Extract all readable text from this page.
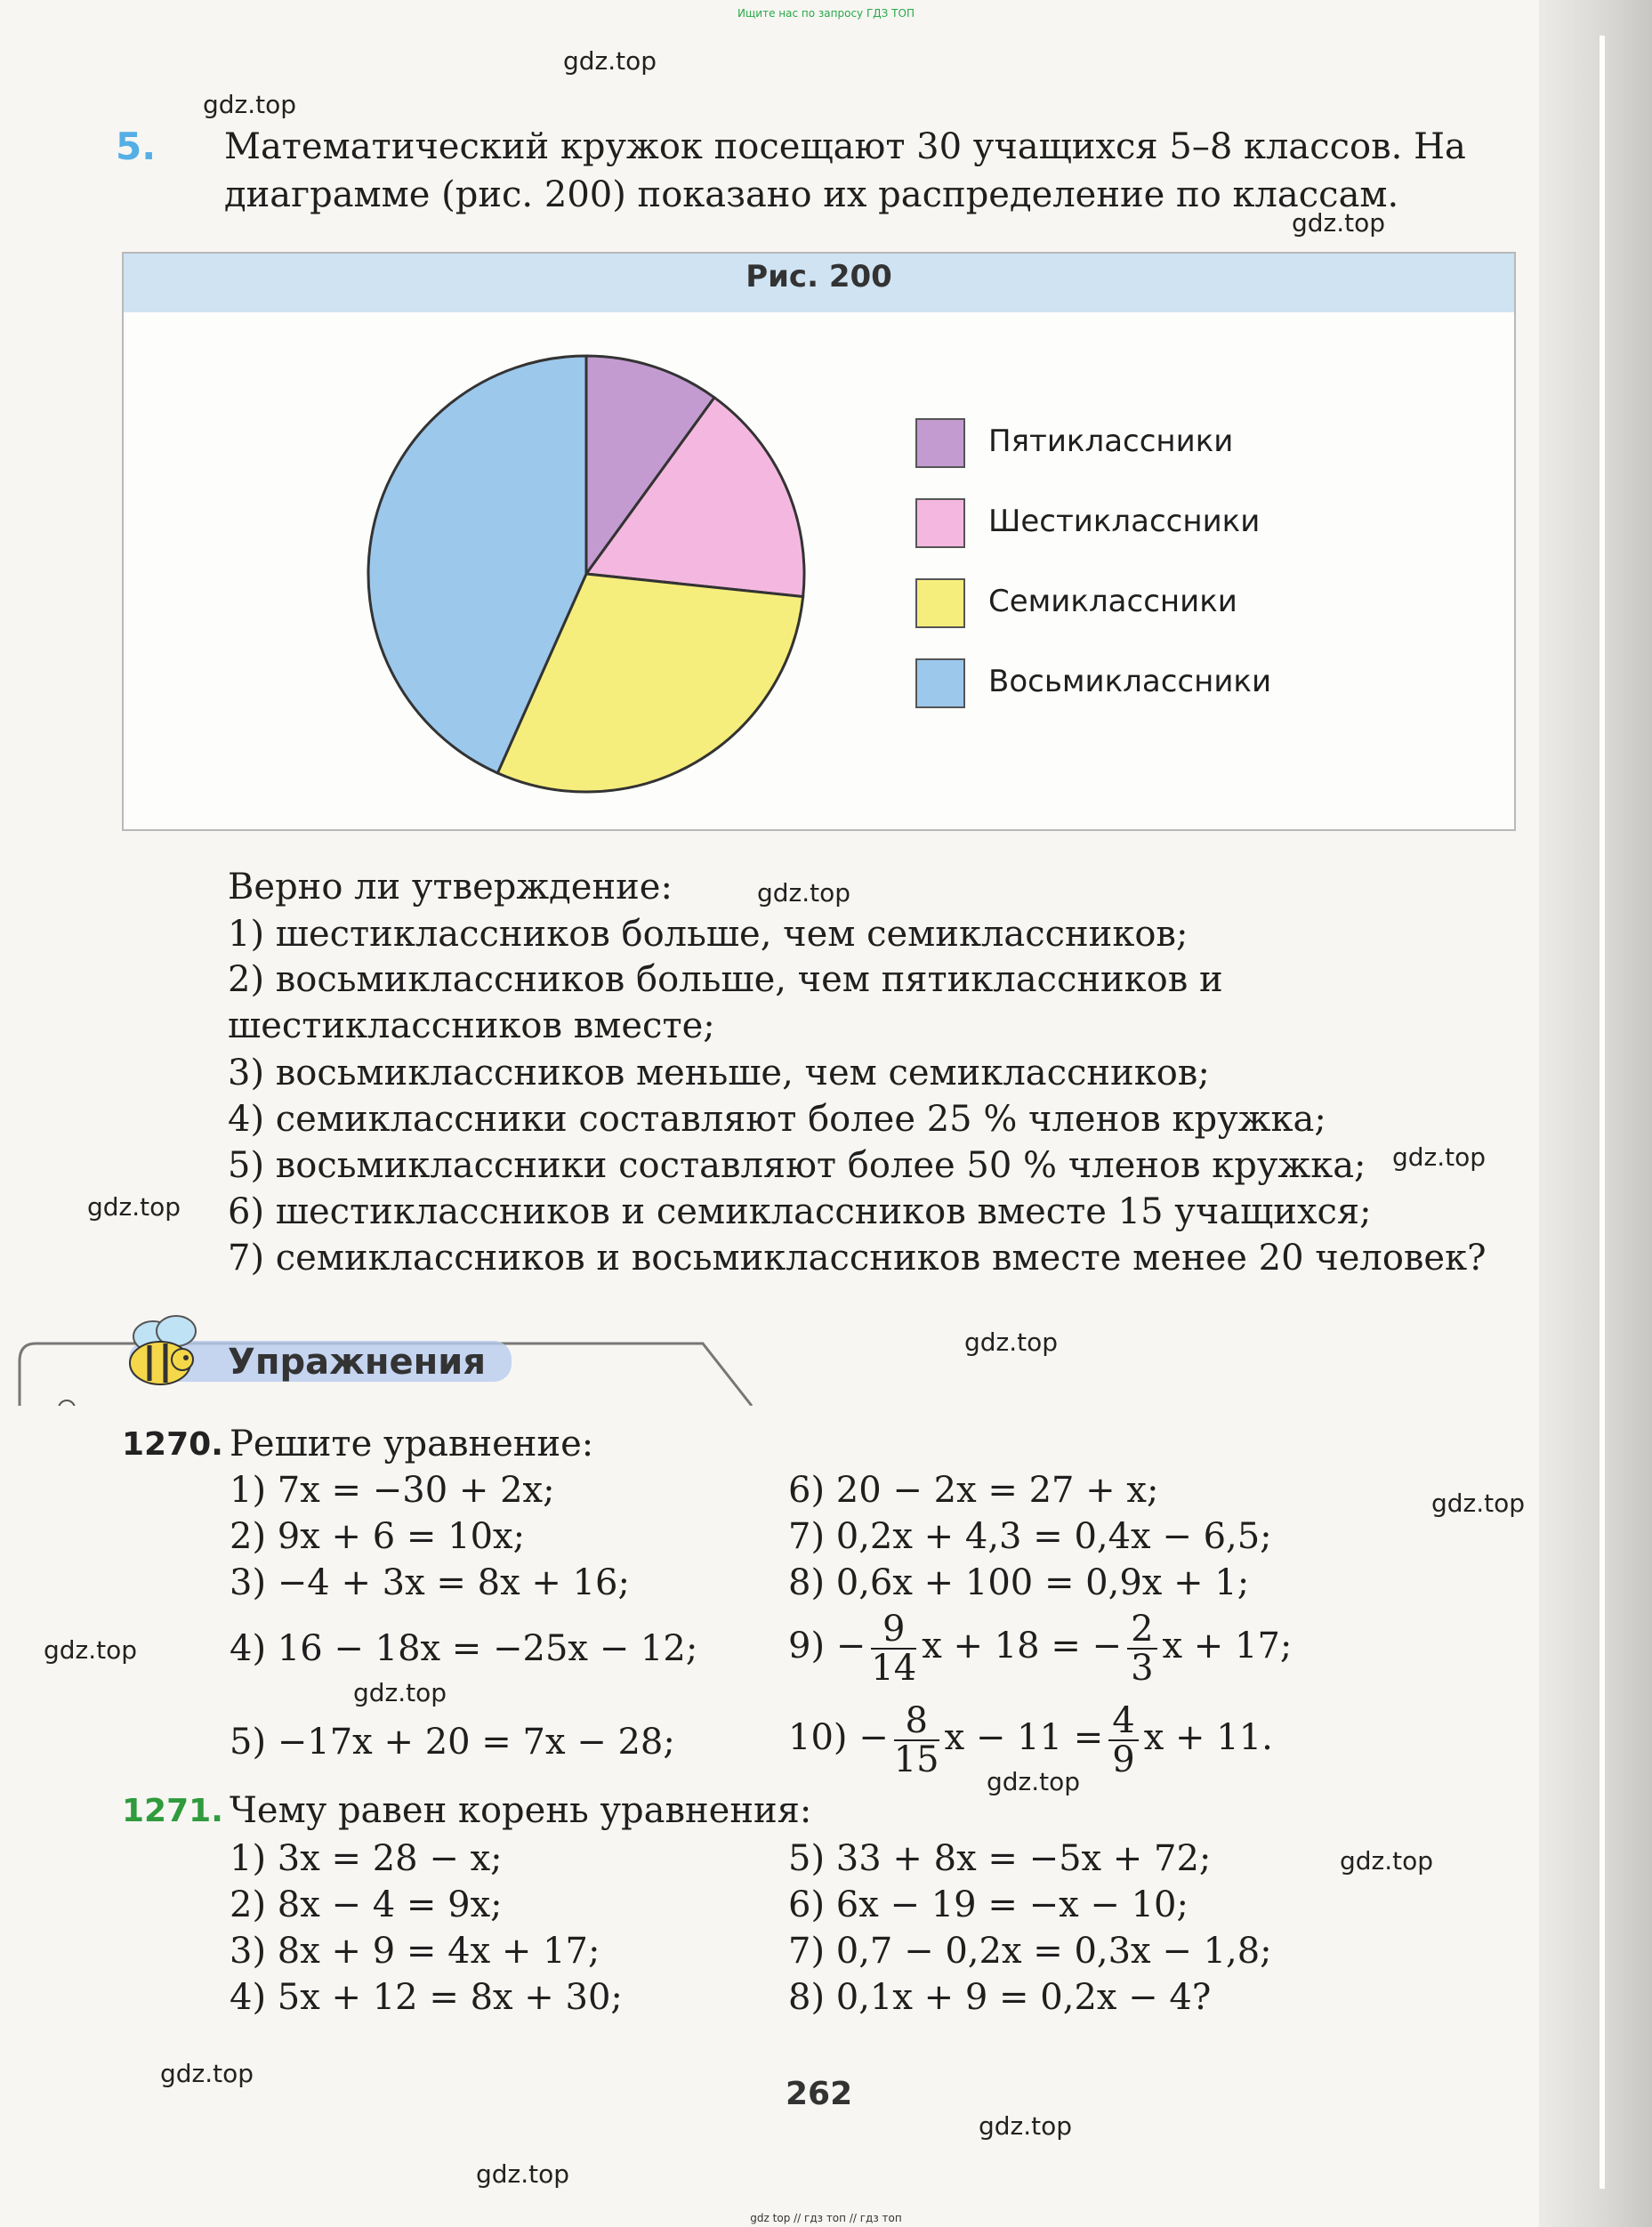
Ищите нас по запросу ГДЗ ТОП
gdz.top
gdz.top
gdz.top
gdz.top
gdz.top
gdz.top
gdz.top
gdz.top
gdz.top
gdz.top
gdz.top
gdz.top
gdz.top
gdz.top
gdz.top
5. Математический кружок посещают 30 учащихся 5–8 классов. На диаграмме (рис. 200) показано их распределение по классам.
Рис. 200
Пятиклассники
Шестиклассники
Семиклассники
Восьмиклассники
Верно ли утверждение:
1) шестиклассников больше, чем семиклассников;
2) восьмиклассников больше, чем пятиклассников и шестиклассников вместе;
3) восьмиклассников меньше, чем семиклассников;
4) семиклассники составляют более 25 % членов кружка;
5) восьмиклассники составляют более 50 % членов кружка;
6) шестиклассников и семиклассников вместе 15 учащихся;
7) семиклассников и восьмиклассников вместе менее 20 человек?
Упражнения
1270. Решите уравнение:
1) 7x = −30 + 2x;
2) 9x + 6 = 10x;
3) −4 + 3x = 8x + 16;
4) 16 − 18x = −25x − 12;
5) −17x + 20 = 7x − 28;
6) 20 − 2x = 27 + x;
7) 0,2x + 4,3 = 0,4x − 6,5;
8) 0,6x + 100 = 0,9x + 1;
$9) - \frac{9}{14}$ x + 18 = − $\frac{2}{3}$ x + 17;
$10) - \frac{8}{15}$ $x - 11 = \frac{4}{9}$ x + 11.
1271. Чему равен корень уравнения:
1) 3x = 28 − x;
2) 8x − 4 = 9x;
3) 8x + 9 = 4x + 17;
4) 5x + 12 = 8x + 30;
5) 33 + 8x = −5x + 72;
6) 6x − 19 = −x − 10;
7) 0,7 − 0,2x = 0,3x − 1,8;
8) 0,1x + 9 = 0,2x − 4?
262
gdz top // гдз топ // гдз топ
